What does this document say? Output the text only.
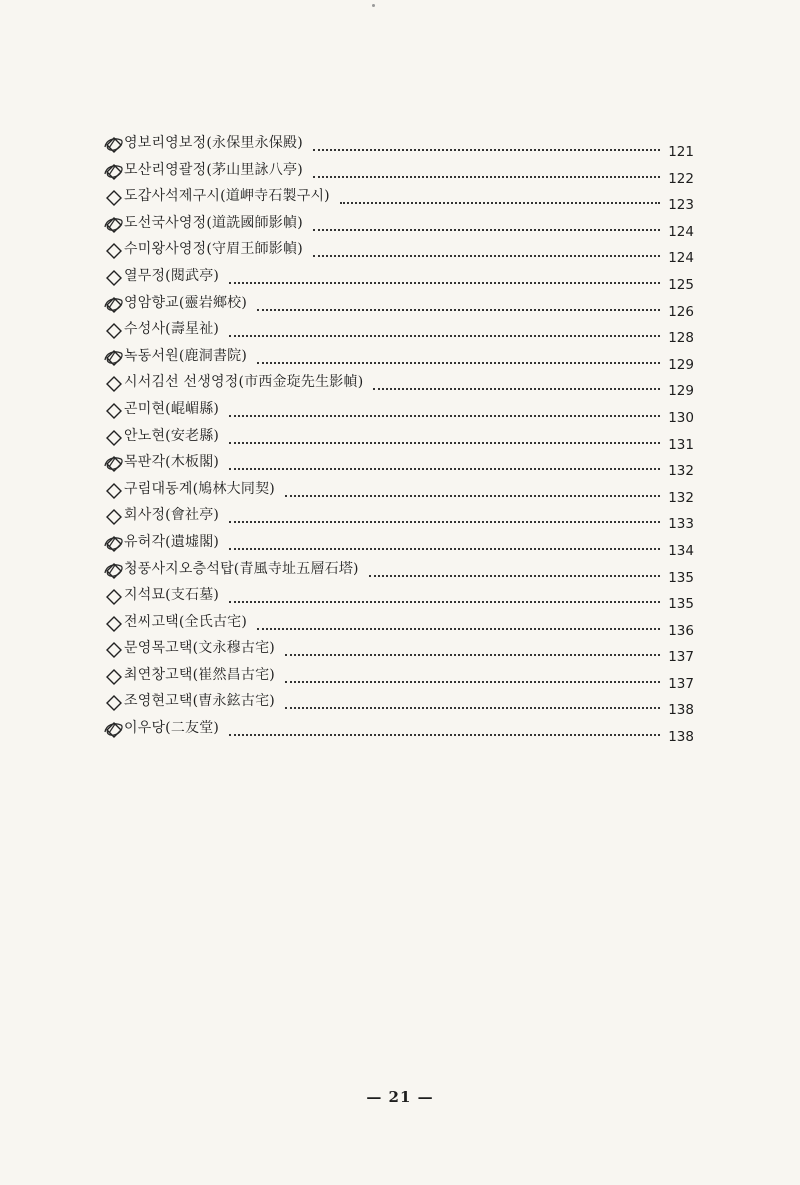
영보리영보정(永保里永保殿)
121
모산리영괄정(茅山里詠八亭)
122
도갑사석제구시(道岬寺石製구시)
123
도선국사영정(道詵國師影幀)
124
수미왕사영정(守眉王師影幀)
124
열무정(閱武亭)
125
영암향교(靈岩鄉校)
126
수성사(壽星祉)
128
녹동서원(鹿洞書院)
129
시서김선 선생영정(市西金琁先生影幀)
129
곤미현(崐嵋縣)
130
안노현(安老縣)
131
목판각(木板閣)
132
구림대동계(鳩林大同契)
132
회사정(會社亭)
133
유허각(遺墟閣)
134
청풍사지오층석탑(青風寺址五層石塔)
135
지석묘(支石墓)
135
전씨고택(全氏古宅)
136
문영목고택(文永穆古宅)
137
최연창고택(崔然昌古宅)
137
조영현고택(曺永鉉古宅)
138
이우당(二友堂)
138
— 21 —
